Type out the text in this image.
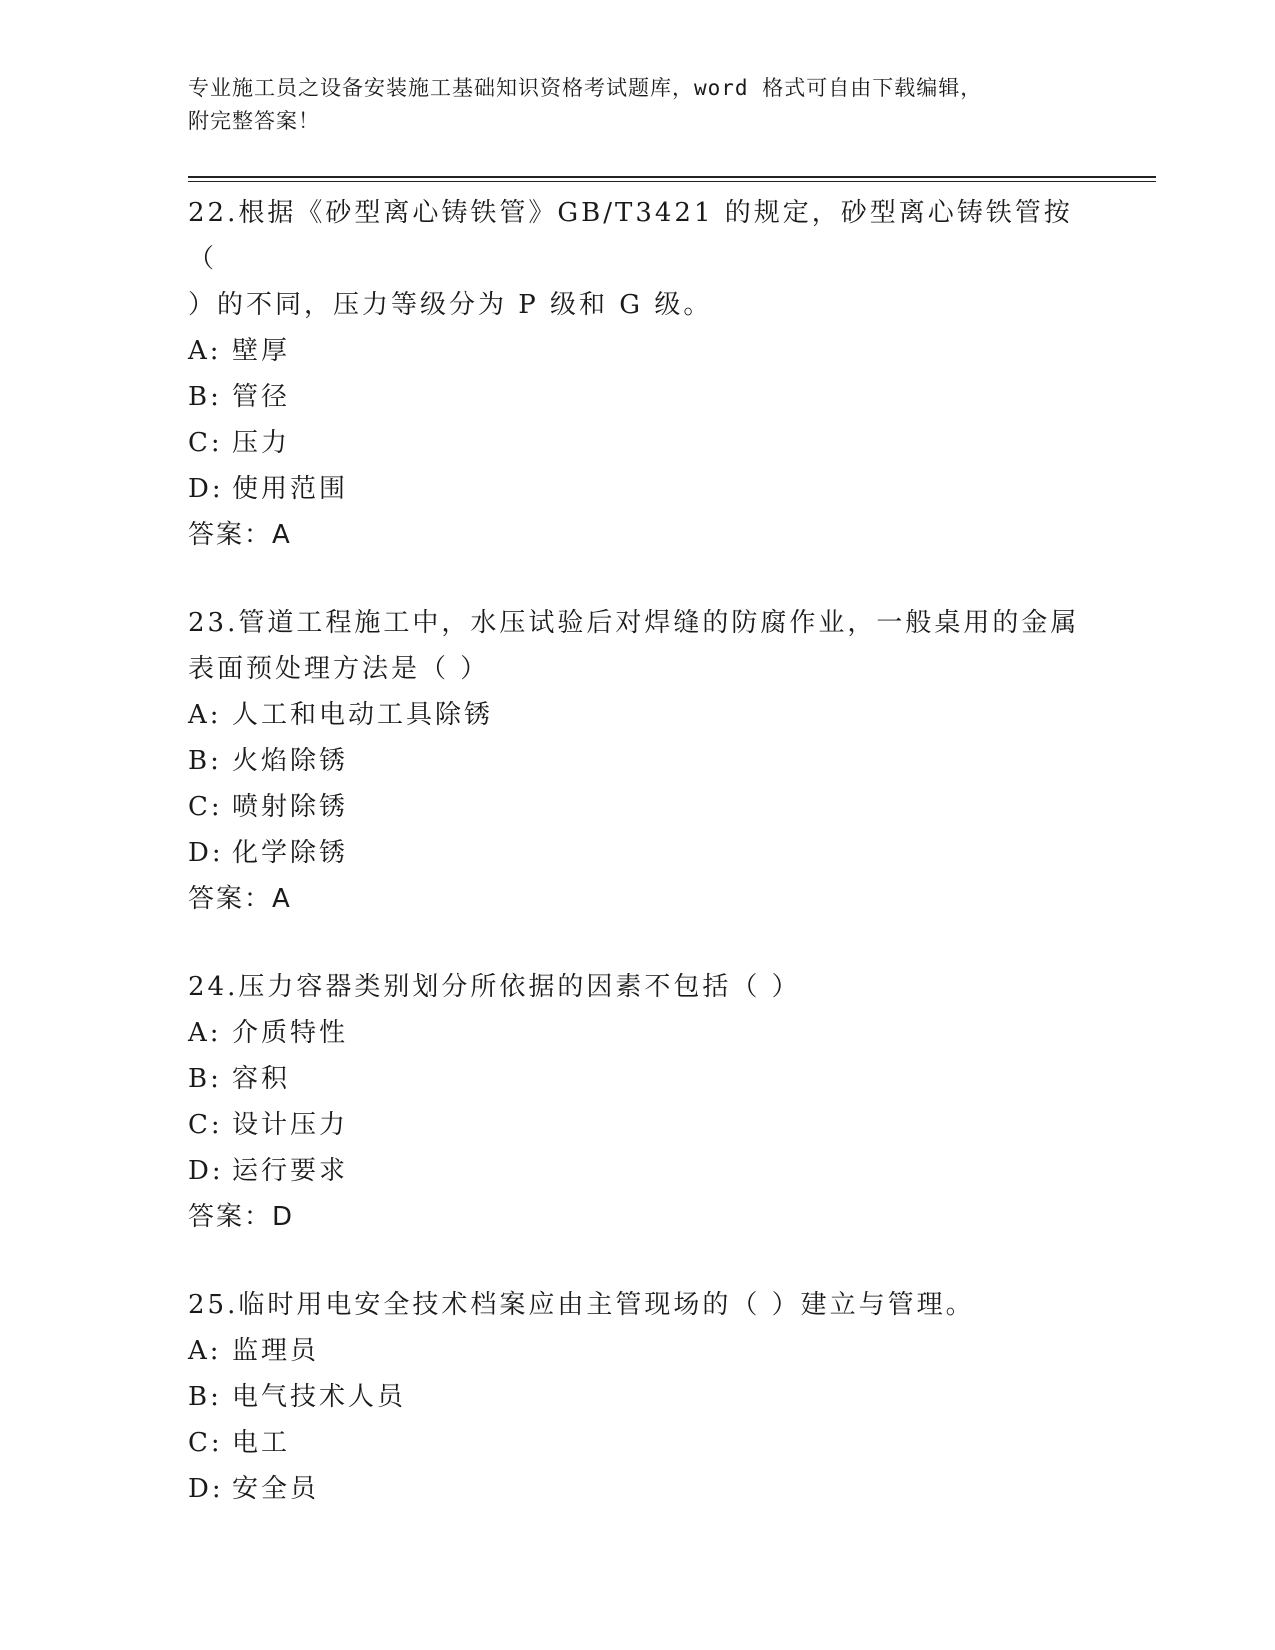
专业施工员之设备安装施工基础知识资格考试题库，word 格式可自由下载编辑，
附完整答案！
22.根据《砂型离心铸铁管》GB/T3421 的规定，砂型离心铸铁管按（
）的不同，压力等级分为 P 级和 G 级。
A: 壁厚
B: 管径
C: 压力
D: 使用范围
答案：A
23.管道工程施工中，水压试验后对焊缝的防腐作业，一般桌用的金属
表面预处理方法是（ ）
A: 人工和电动工具除锈
B: 火焰除锈
C: 喷射除锈
D: 化学除锈
答案：A
24.压力容器类别划分所依据的因素不包括（ ）
A: 介质特性
B: 容积
C: 设计压力
D: 运行要求
答案：D
25.临时用电安全技术档案应由主管现场的（ ）建立与管理。
A: 监理员
B: 电气技术人员
C: 电工
D: 安全员
